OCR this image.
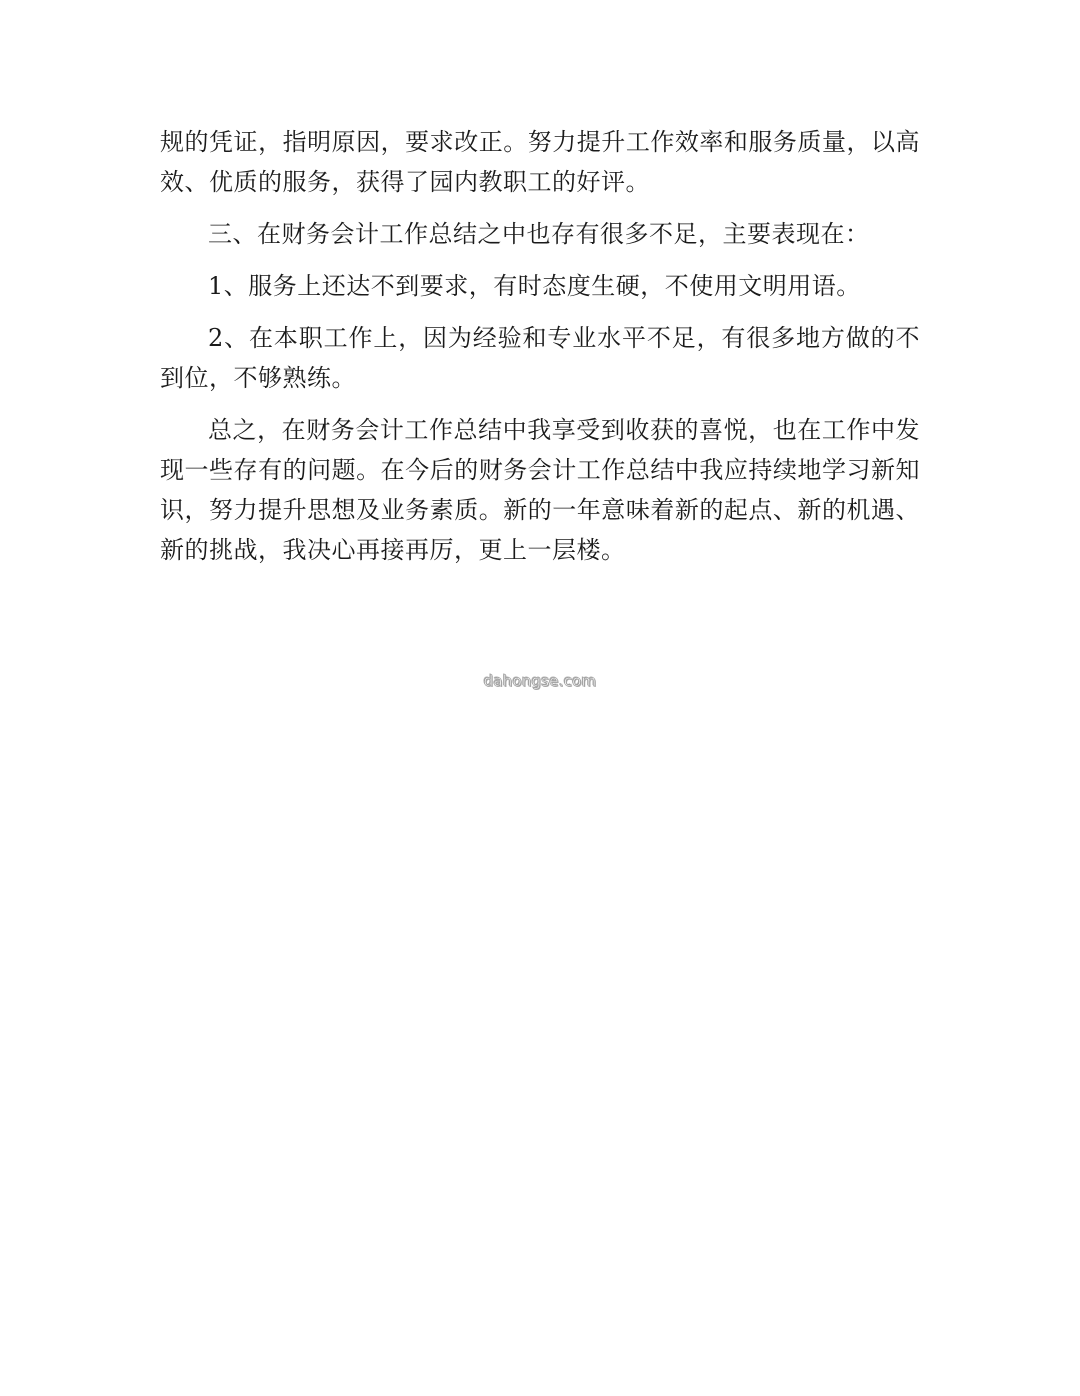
规的凭证，指明原因，要求改正。努力提升工作效率和服务质量，以高效、优质的服务，获得了园内教职工的好评。

三、在财务会计工作总结之中也存有很多不足，主要表现在：

1、服务上还达不到要求，有时态度生硬，不使用文明用语。

2、在本职工作上，因为经验和专业水平不足，有很多地方做的不到位，不够熟练。

总之，在财务会计工作总结中我享受到收获的喜悦，也在工作中发现一些存有的问题。在今后的财务会计工作总结中我应持续地学习新知识，努力提升思想及业务素质。新的一年意味着新的起点、新的机遇、新的挑战，我决心再接再厉，更上一层楼。

dahongse.com
